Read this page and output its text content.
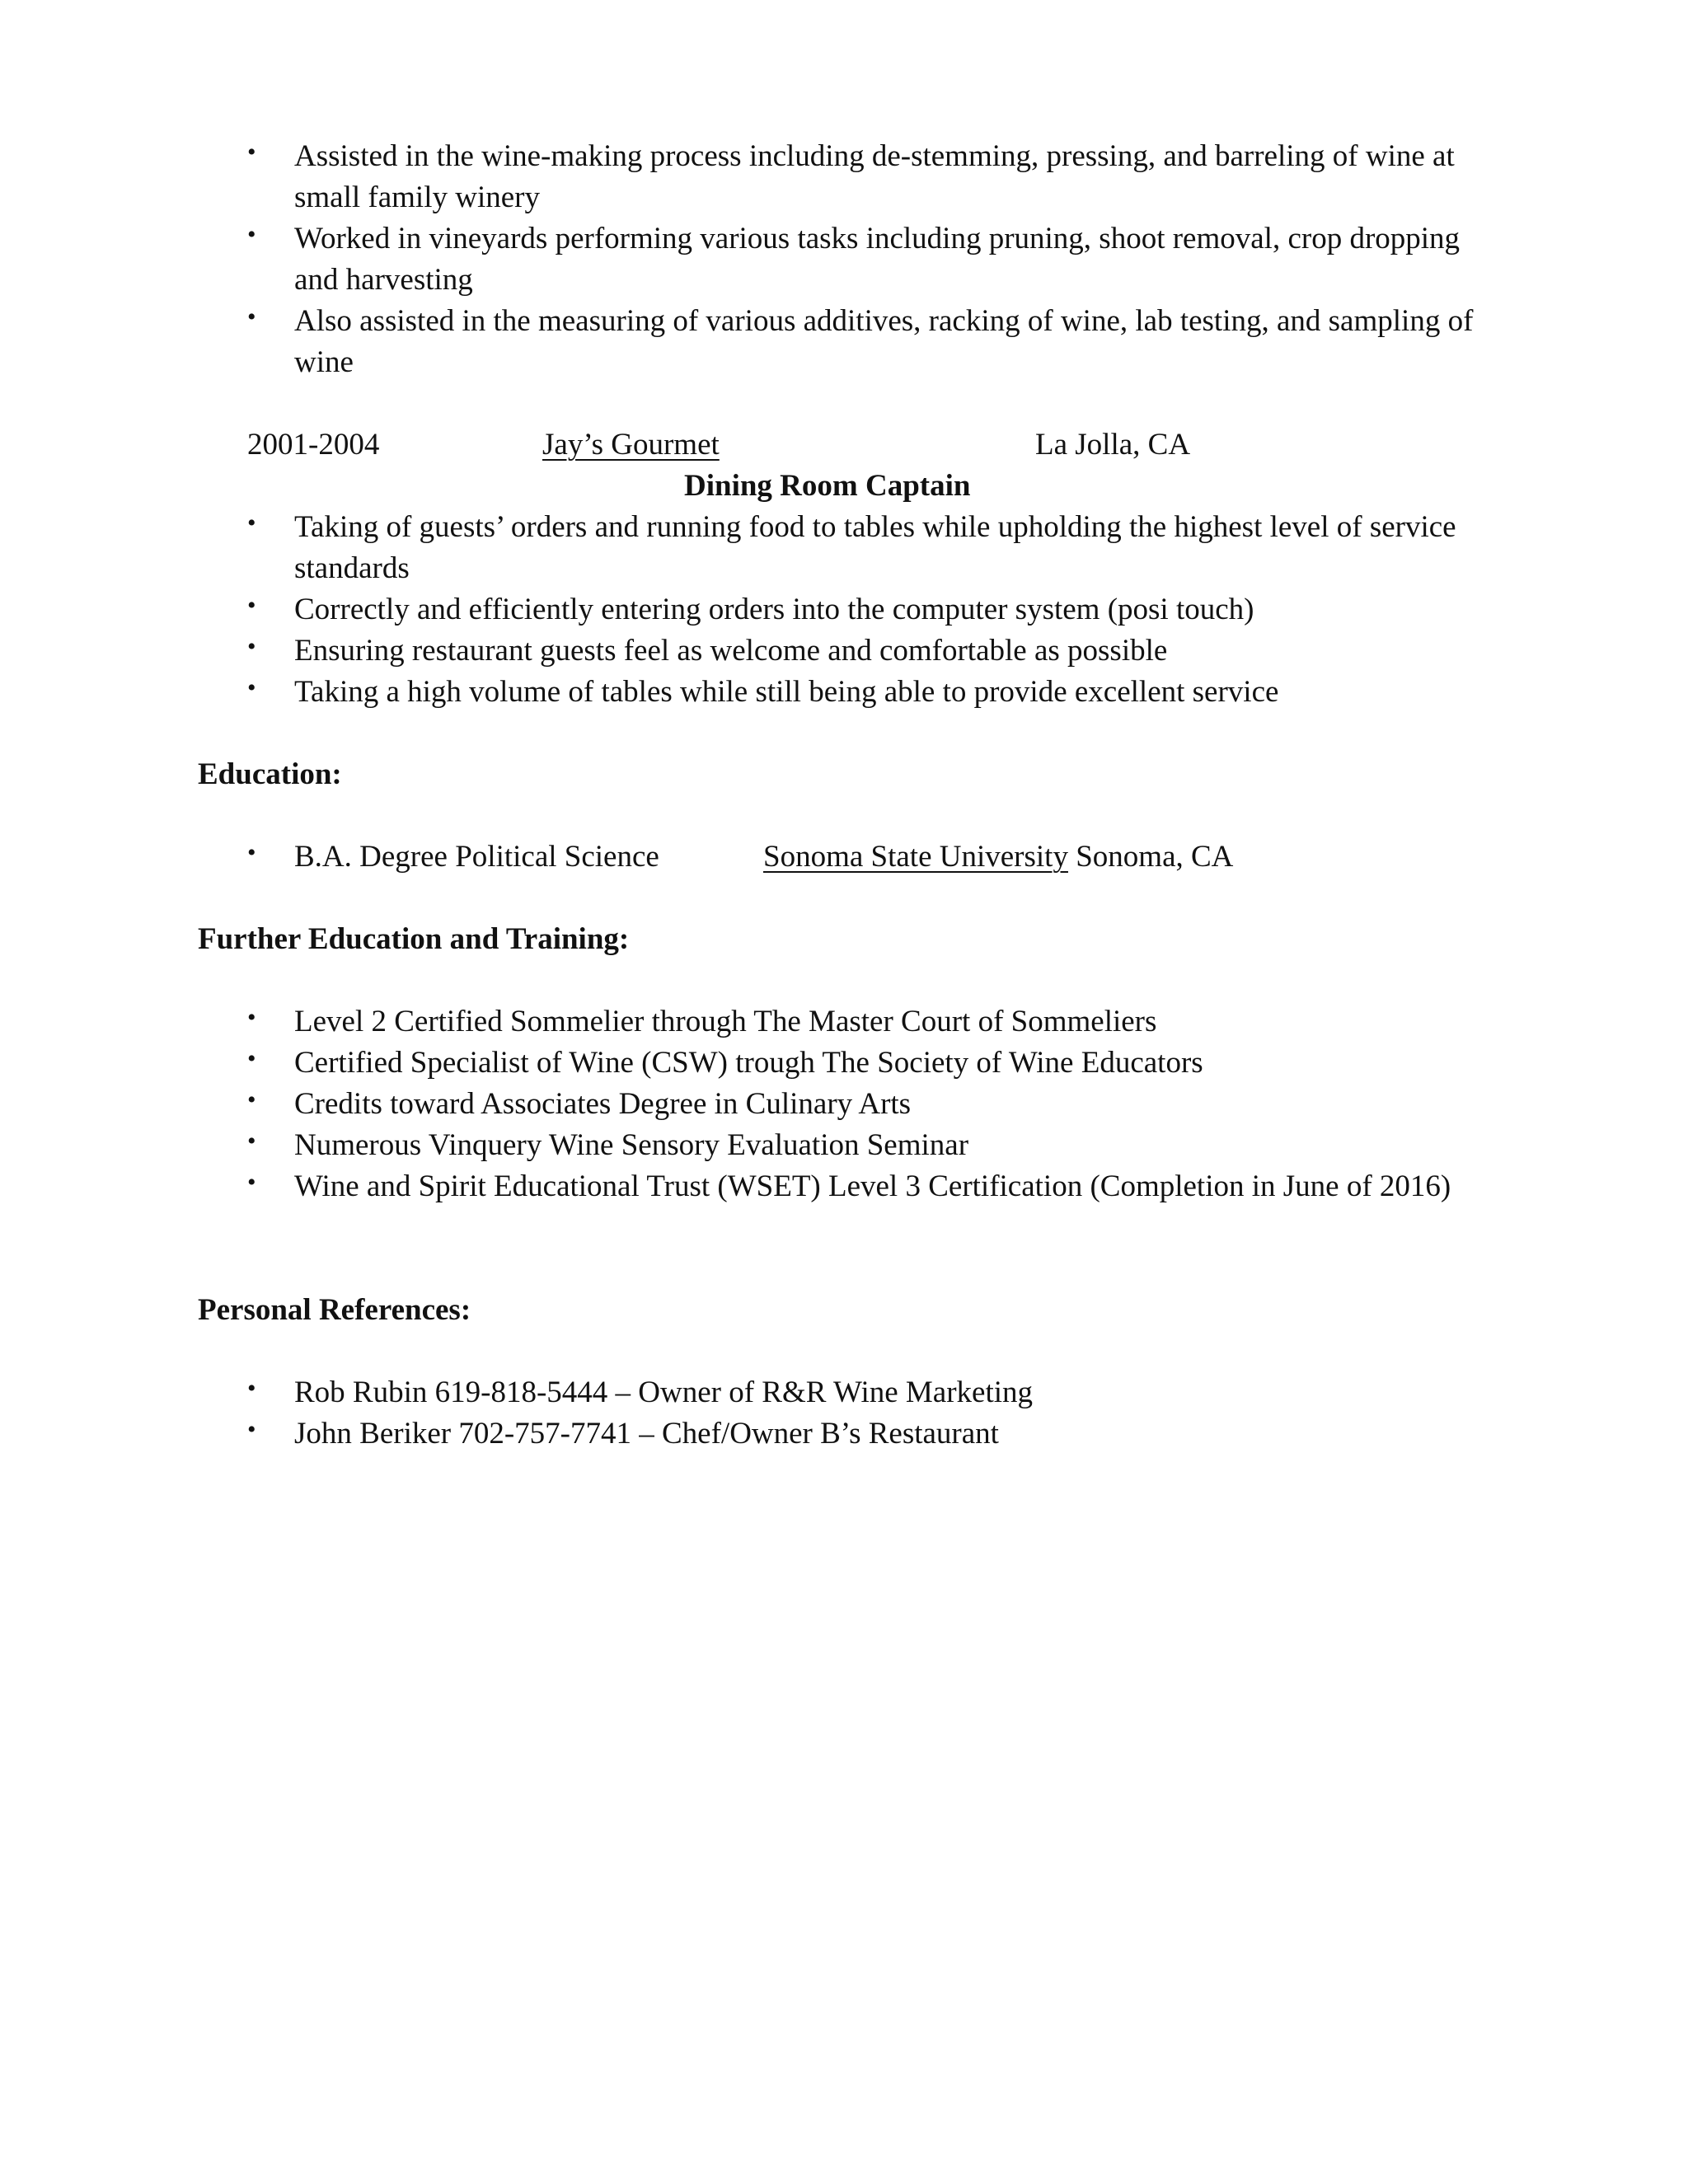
• Assisted in the wine-making process including de-stemming, pressing, and barreling of wine at small family winery
• Worked in vineyards performing various tasks including pruning, shoot removal, crop dropping and harvesting
• Also assisted in the measuring of various additives, racking of wine, lab testing, and sampling of wine
2001-2004	Jay’s Gourmet	La Jolla, CA
Dining Room Captain
• Taking of guests’ orders and running food to tables while upholding the highest level of service standards
• Correctly and efficiently entering orders into the computer system (posi touch)
• Ensuring restaurant guests feel as welcome and comfortable as possible
• Taking a high volume of tables while still being able to provide excellent service
Education:
• B.A. Degree Political Science	Sonoma State University Sonoma, CA
Further Education and Training:
• Level 2 Certified Sommelier through The Master Court of Sommeliers
• Certified Specialist of Wine (CSW) trough The Society of Wine Educators
• Credits toward Associates Degree in Culinary Arts
• Numerous Vinquery Wine Sensory Evaluation Seminar
• Wine and Spirit Educational Trust (WSET) Level 3 Certification (Completion in June of 2016)
Personal References:
• Rob Rubin 619-818-5444 – Owner of R&R Wine Marketing
• John Beriker 702-757-7741 – Chef/Owner B’s Restaurant
